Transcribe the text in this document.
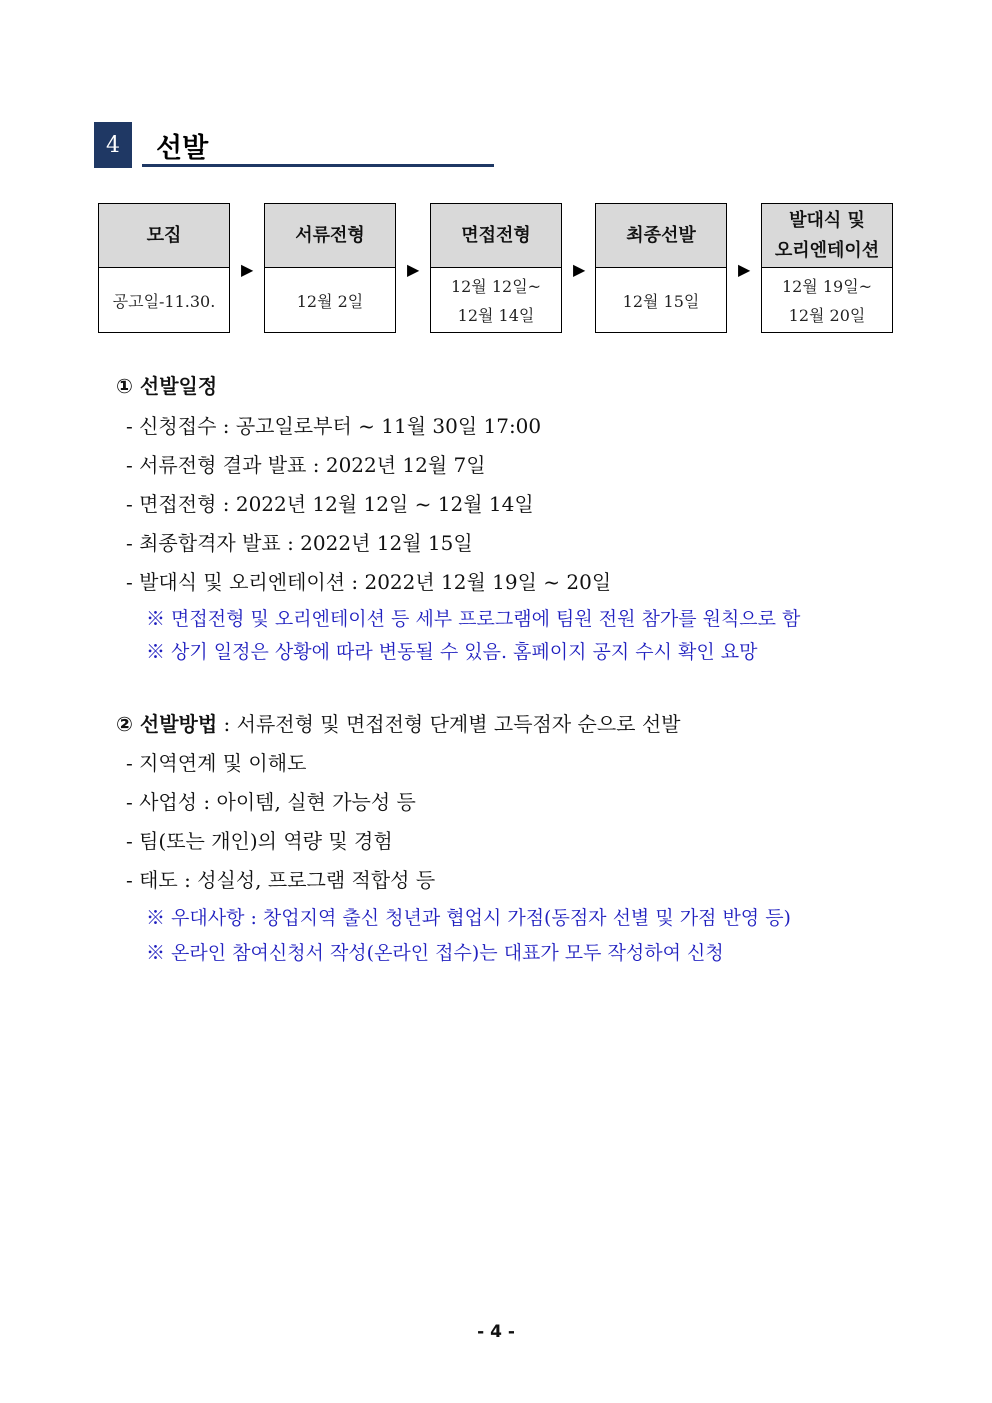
4	선발
모집
공고일-11.30.
▶
서류전형
12월 2일
▶
면접전형
12월 12일~
12월 14일
▶
최종선발
12월 15일
▶
발대식 및
오리엔테이션
12월 19일~
12월 20일
① 선발일정
- 신청접수 : 공고일로부터 ~ 11월 30일 17:00
- 서류전형 결과 발표 : 2022년 12월 7일
- 면접전형 : 2022년 12월 12일 ~ 12월 14일
- 최종합격자 발표 : 2022년 12월 15일
- 발대식 및 오리엔테이션 : 2022년 12월 19일 ~ 20일
※ 면접전형 및 오리엔테이션 등 세부 프로그램에 팀원 전원 참가를 원칙으로 함
※ 상기 일정은 상황에 따라 변동될 수 있음. 홈페이지 공지 수시 확인 요망
② 선발방법 : 서류전형 및 면접전형 단계별 고득점자 순으로 선발
- 지역연계 및 이해도
- 사업성 : 아이템, 실현 가능성 등
- 팀(또는 개인)의 역량 및 경험
- 태도 : 성실성, 프로그램 적합성 등
※ 우대사항 : 창업지역 출신 청년과 협업시 가점(동점자 선별 및 가점 반영 등)
※ 온라인 참여신청서 작성(온라인 접수)는 대표가 모두 작성하여 신청
- 4 -
